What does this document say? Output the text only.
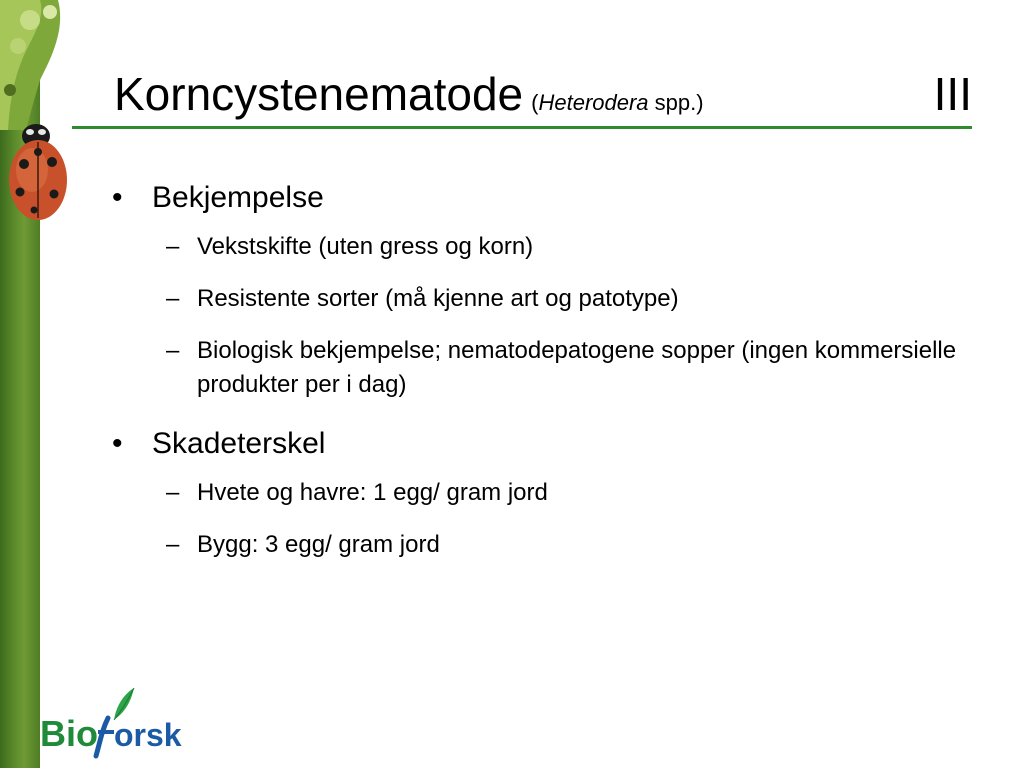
Korncystenematode (Heterodera spp.)	III
• Bekjempelse
– Vekstskifte (uten gress og korn)
– Resistente sorter (må kjenne art og patotype)
– Biologisk bekjempelse; nematodepatogene sopper (ingen kommersielle produkter per i dag)
• Skadeterskel
– Hvete og havre: 1 egg/ gram jord
– Bygg: 3 egg/ gram jord
Bio orsk
